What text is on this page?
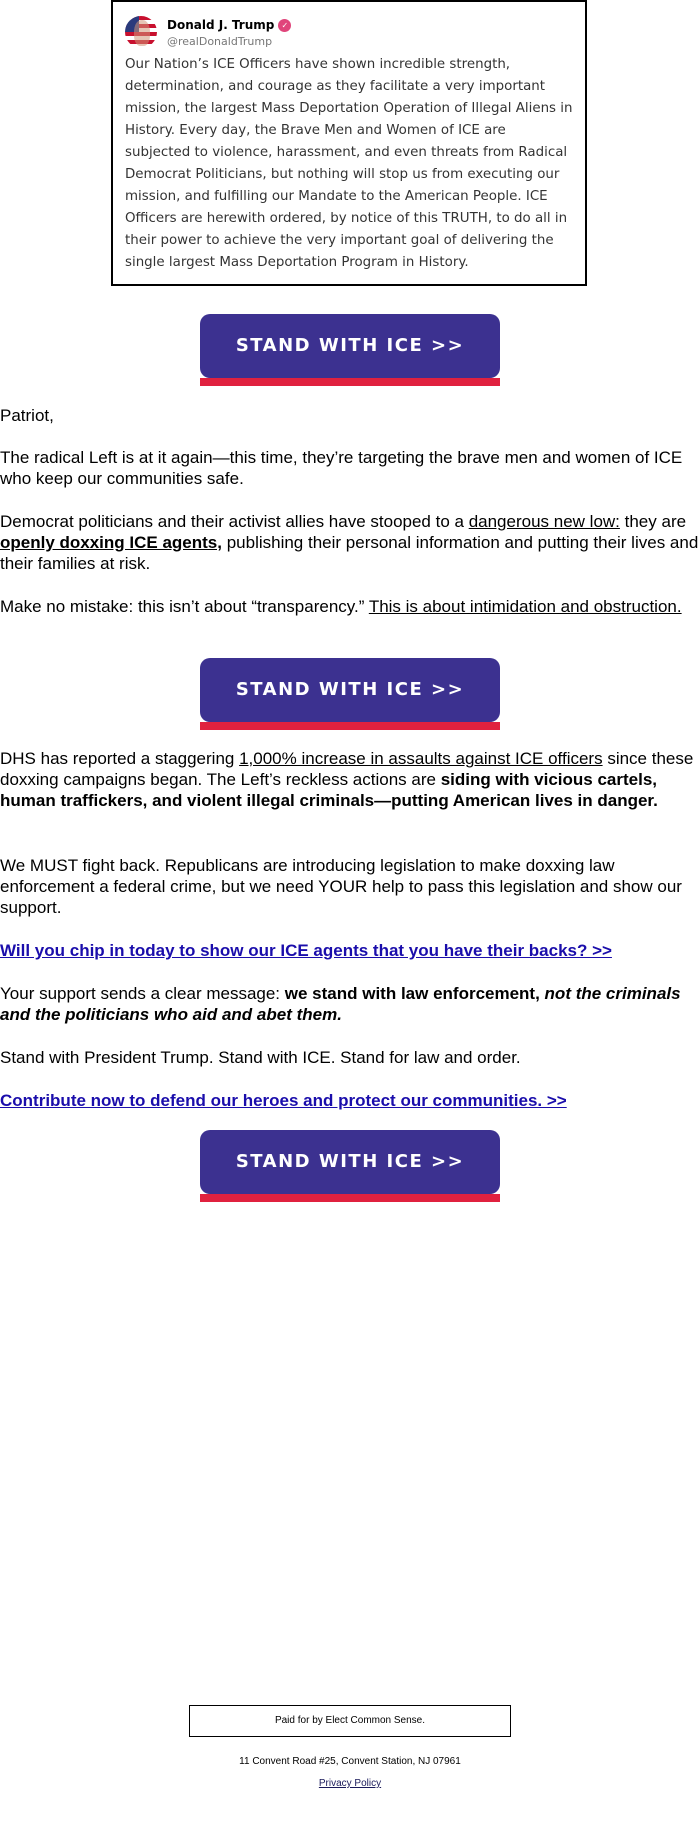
Donald J. Trump ✓
@realDonaldTrump
Our Nation’s ICE Officers have shown incredible strength, determination, and courage as they facilitate a very important mission, the largest Mass Deportation Operation of Illegal Aliens in History. Every day, the Brave Men and Women of ICE are subjected to violence, harassment, and even threats from Radical Democrat Politicians, but nothing will stop us from executing our mission, and fulfilling our Mandate to the American People. ICE Officers are herewith ordered, by notice of this TRUTH, to do all in their power to achieve the very important goal of delivering the single largest Mass Deportation Program in History.
STAND WITH ICE >>

Patriot,

The radical Left is at it again—this time, they’re targeting the brave men and women of ICE who keep our communities safe.

Democrat politicians and their activist allies have stooped to a dangerous new low: they are openly doxxing ICE agents, publishing their personal information and putting their lives and their families at risk.

Make no mistake: this isn’t about “transparency.” This is about intimidation and obstruction.

STAND WITH ICE >>

DHS has reported a staggering 1,000% increase in assaults against ICE officers since these doxxing campaigns began. The Left’s reckless actions are siding with vicious cartels, human traffickers, and violent illegal criminals—putting American lives in danger.

We MUST fight back. Republicans are introducing legislation to make doxxing law enforcement a federal crime, but we need YOUR help to pass this legislation and show our support.

Will you chip in today to show our ICE agents that you have their backs? >>

Your support sends a clear message: we stand with law enforcement, not the criminals and the politicians who aid and abet them.

Stand with President Trump. Stand with ICE. Stand for law and order.

Contribute now to defend our heroes and protect our communities. >>

STAND WITH ICE >>
Paid for by Elect Common Sense.
11 Convent Road #25, Convent Station, NJ 07961
Privacy Policy
